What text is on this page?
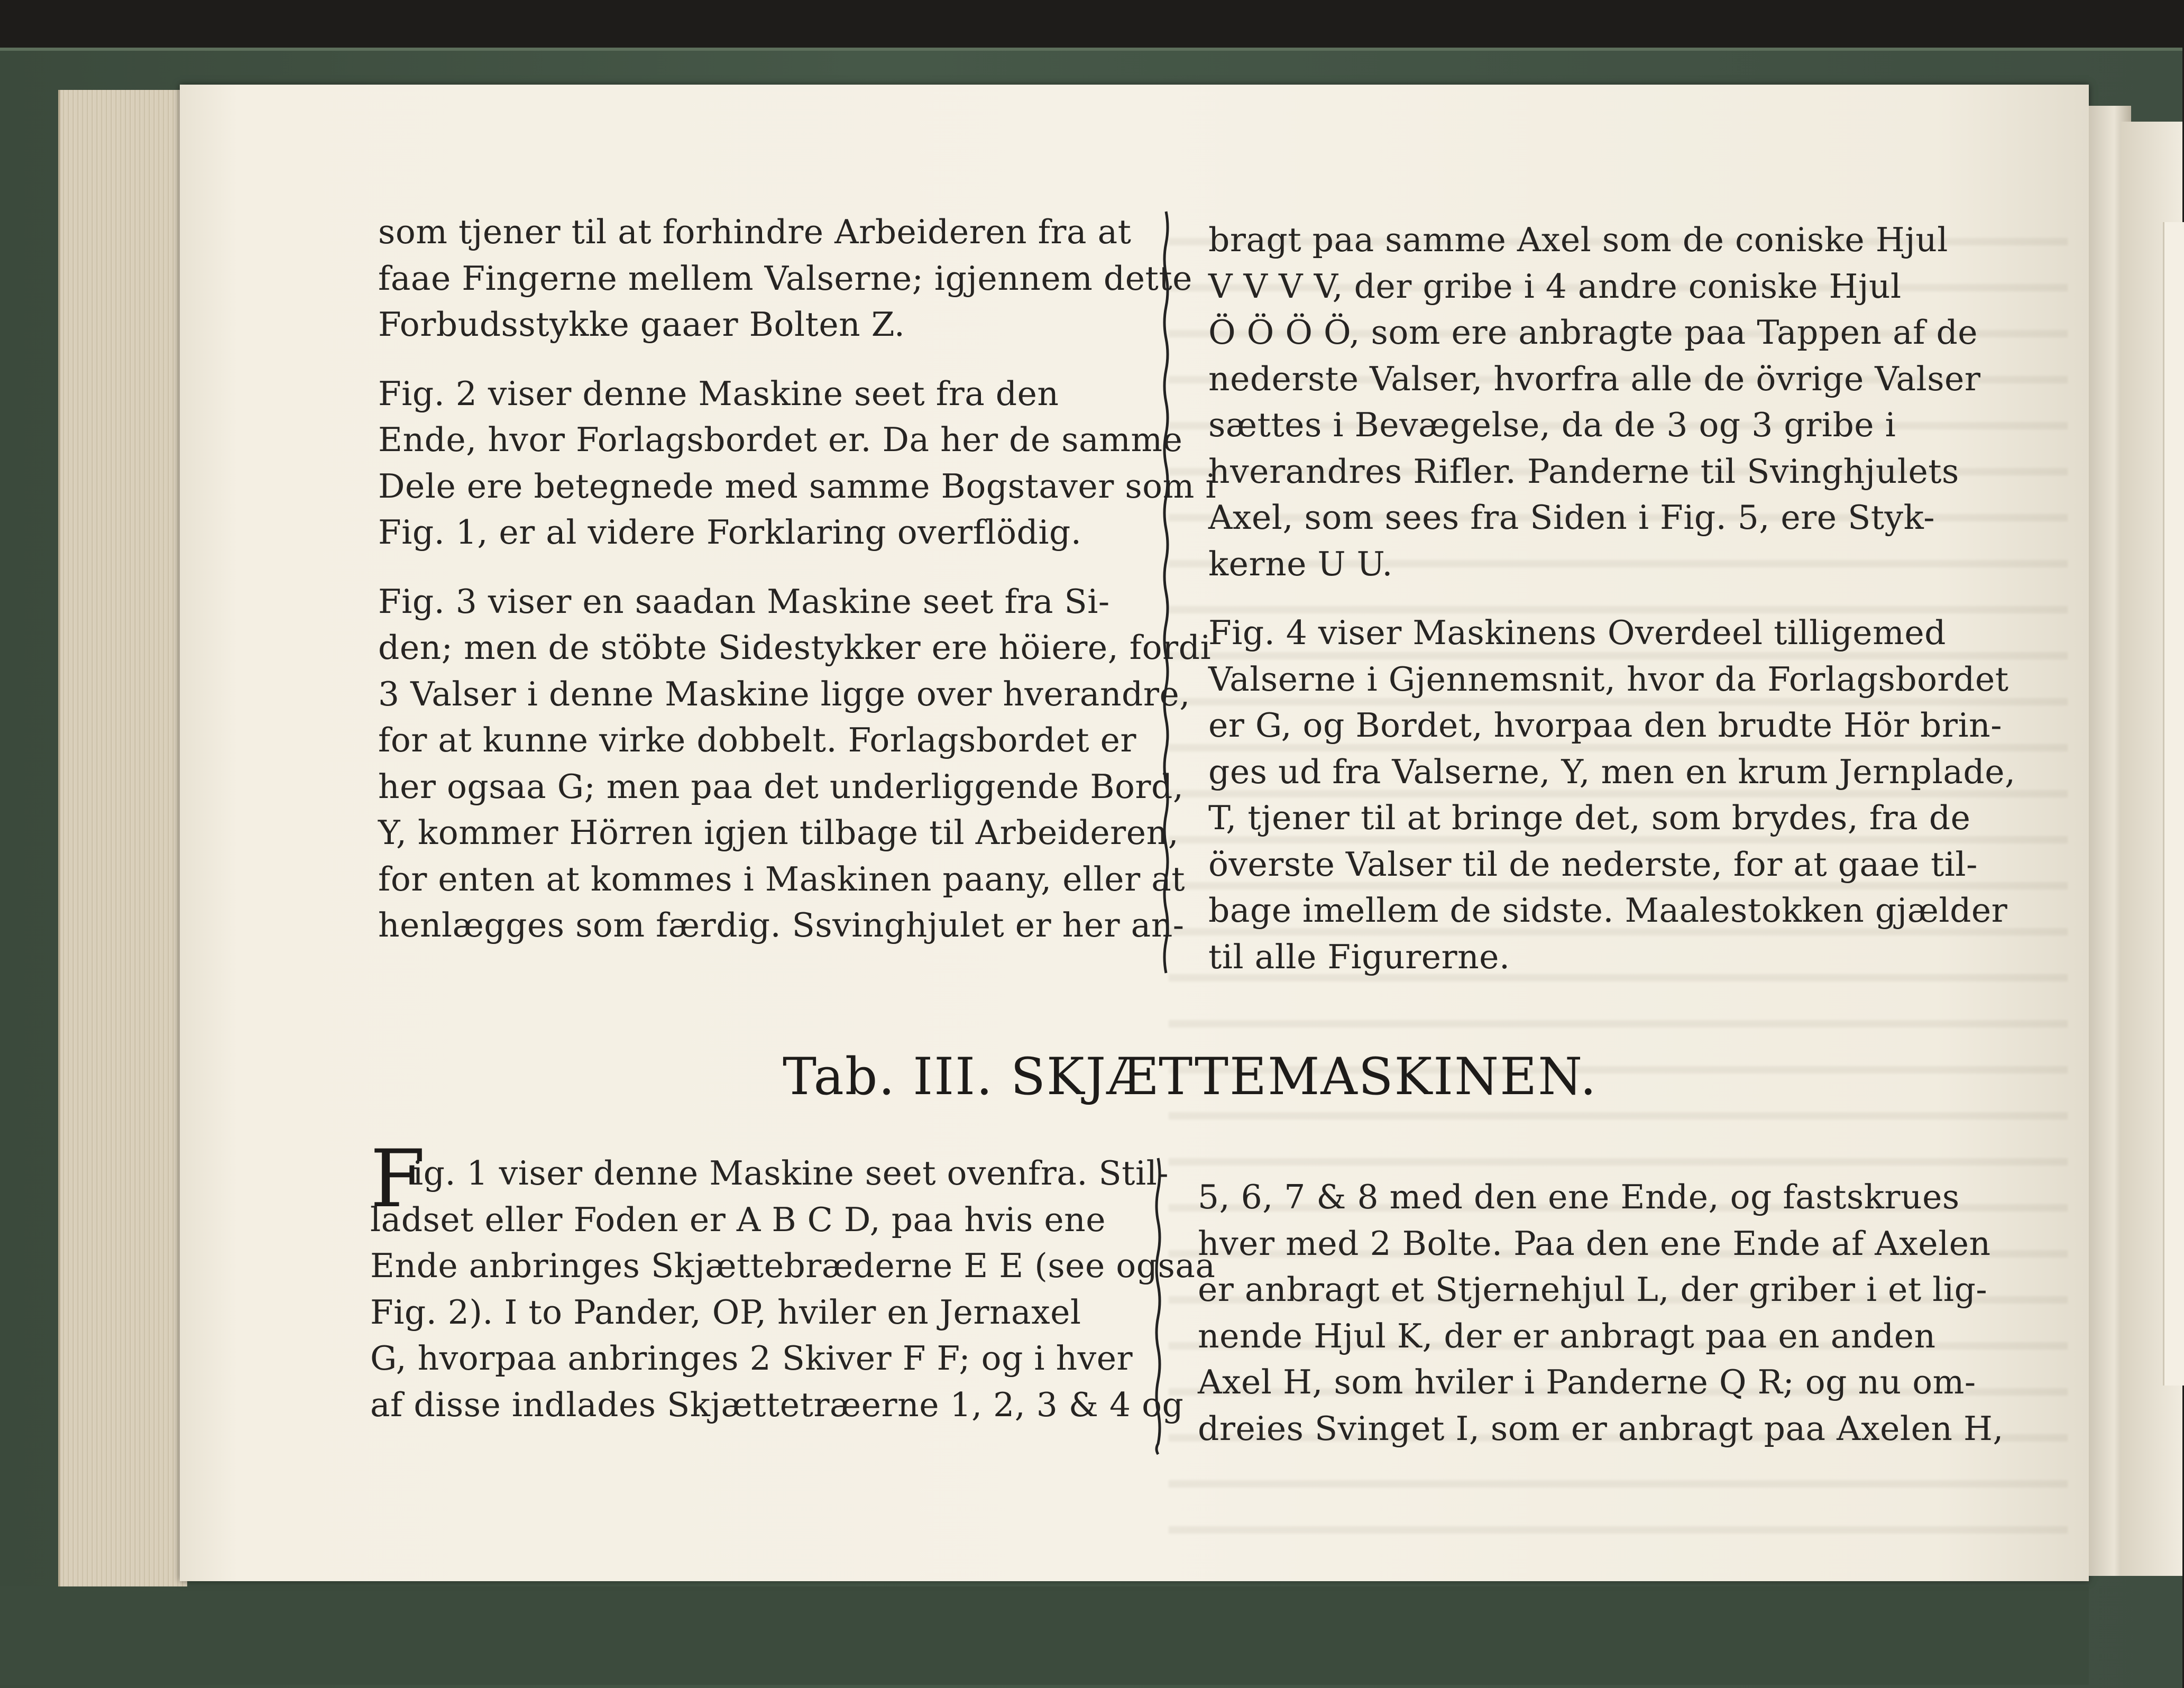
som tjener til at forhindre Arbeideren fra at
faae Fingerne mellem Valserne; igjennem dette
Forbudsstykke gaaer Bolten Z.

Fig. 2 viser denne Maskine seet fra den
Ende, hvor Forlagsbordet er. Da her de samme
Dele ere betegnede med samme Bogstaver som i
Fig. 1, er al videre Forklaring overflödig.

Fig. 3 viser en saadan Maskine seet fra Si-
den; men de stöbte Sidestykker ere höiere, fordi
3 Valser i denne Maskine ligge over hverandre,
for at kunne virke dobbelt. Forlagsbordet er
her ogsaa G; men paa det underliggende Bord,
Y, kommer Hörren igjen tilbage til Arbeideren,
for enten at kommes i Maskinen paany, eller at
henlægges som færdig. Ssvinghjulet er her an-

bragt paa samme Axel som de coniske Hjul
V V V V, der gribe i 4 andre coniske Hjul
Ö Ö Ö Ö, som ere anbragte paa Tappen af de
nederste Valser, hvorfra alle de övrige Valser
sættes i Bevægelse, da de 3 og 3 gribe i
hverandres Rifler. Panderne til Svinghjulets
Axel, som sees fra Siden i Fig. 5, ere Styk-
kerne U U.

Fig. 4 viser Maskinens Overdeel tilligemed
Valserne i Gjennemsnit, hvor da Forlagsbordet
er G, og Bordet, hvorpaa den brudte Hör brin-
ges ud fra Valserne, Y, men en krum Jernplade,
T, tjener til at bringe det, som brydes, fra de
överste Valser til de nederste, for at gaae til-
bage imellem de sidste. Maalestokken gjælder
til alle Figurerne.

Tab. III. SKJÆTTEMASKINEN.
F
ig. 1 viser denne Maskine seet ovenfra. Stil-
ladset eller Foden er A B C D, paa hvis ene
Ende anbringes Skjættebræderne E E (see ogsaa
Fig. 2). I to Pander, OP, hviler en Jernaxel
G, hvorpaa anbringes 2 Skiver F F; og i hver
af disse indlades Skjættetræerne 1, 2, 3 & 4 og
5, 6, 7 & 8 med den ene Ende, og fastskrues
hver med 2 Bolte. Paa den ene Ende af Axelen
er anbragt et Stjernehjul L, der griber i et lig-
nende Hjul K, der er anbragt paa en anden
Axel H, som hviler i Panderne Q R; og nu om-
dreies Svinget I, som er anbragt paa Axelen H,
